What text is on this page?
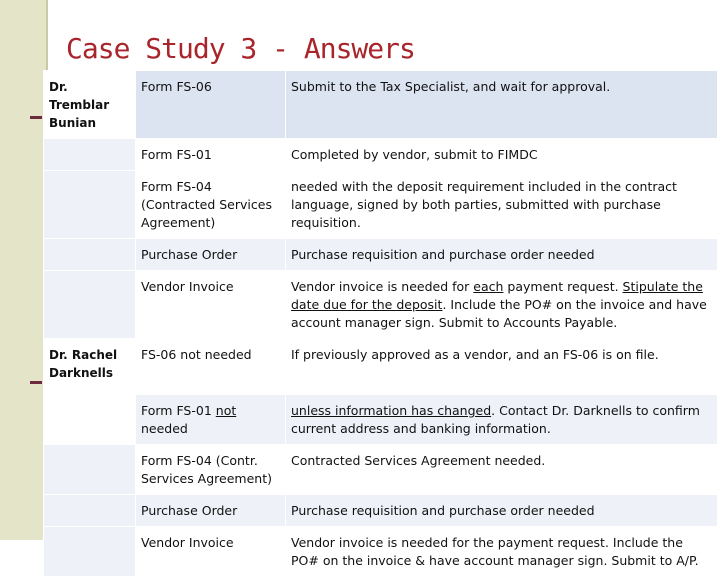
Case Study 3 - Answers
Dr. Tremblar Bunian	Form FS-06	Submit to the Tax Specialist, and wait for approval.
	Form FS-01	Completed by vendor, submit to FIMDC
	Form FS-04 (Contracted Services Agreement)	needed with the deposit requirement included in the contract language, signed by both parties, submitted with purchase requisition.
	Purchase Order	Purchase requisition and purchase order needed
	Vendor Invoice	Vendor invoice is needed for each payment request. Stipulate the date due for the deposit. Include the PO# on the invoice and have account manager sign. Submit to Accounts Payable.
Dr. Rachel Darknells	FS-06 not needed	If previously approved as a vendor, and an FS-06 is on file.
	Form FS-01 not needed	unless information has changed. Contact Dr. Darknells to confirm current address and banking information.
	Form FS-04 (Contr. Services Agreement)	Contracted Services Agreement needed.
	Purchase Order	Purchase requisition and purchase order needed
	Vendor Invoice	Vendor invoice is needed for the payment request. Include the PO# on the invoice & have account manager sign. Submit to A/P.
